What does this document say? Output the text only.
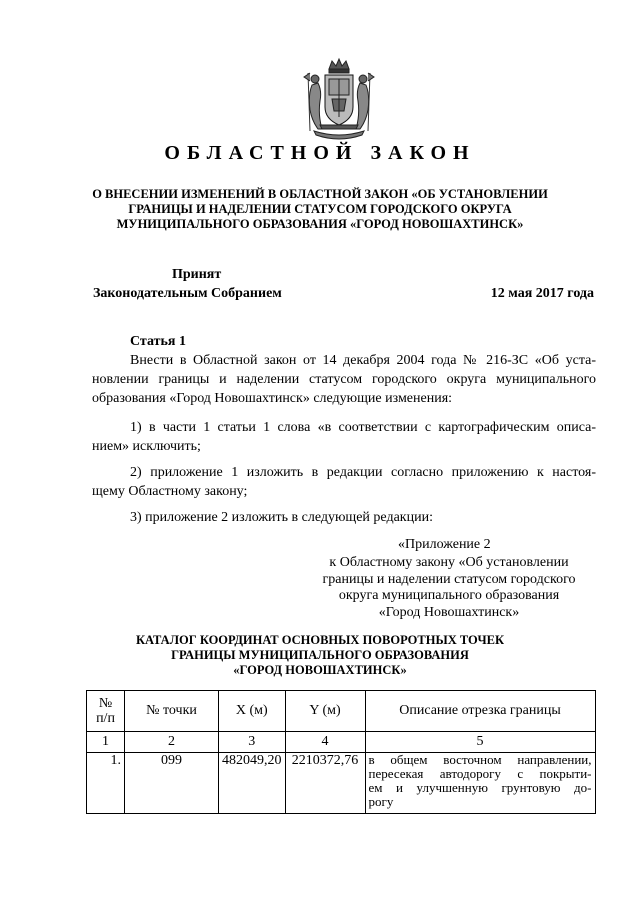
ОБЛАСТНОЙ ЗАКОН
О ВНЕСЕНИИ ИЗМЕНЕНИЙ В ОБЛАСТНОЙ ЗАКОН «ОБ УСТАНОВЛЕНИИ
ГРАНИЦЫ И НАДЕЛЕНИИ СТАТУСОМ ГОРОДСКОГО ОКРУГА
МУНИЦИПАЛЬНОГО ОБРАЗОВАНИЯ «ГОРОД НОВОШАХТИНСК»
Принят
Законодательным Собранием	12 мая 2017 года
Статья 1
Внести в Областной закон от 14 декабря 2004 года № 216-ЗС «Об уста-
новлении границы и наделении статусом городского округа муниципального
образования «Город Новошахтинск» следующие изменения:
1) в части 1 статьи 1 слова «в соответствии с картографическим описа-
нием» исключить;
2) приложение 1 изложить в редакции согласно приложению к настоя-
щему Областному закону;
3) приложение 2 изложить в следующей редакции:
«Приложение 2
к Областному закону «Об установлении
границы и наделении статусом городского
округа муниципального образования
«Город Новошахтинск»
КАТАЛОГ КООРДИНАТ ОСНОВНЫХ ПОВОРОТНЫХ ТОЧЕК
ГРАНИЦЫ МУНИЦИПАЛЬНОГО ОБРАЗОВАНИЯ
«ГОРОД НОВОШАХТИНСК»
№
п/п	№ точки	X (м)	Y (м)	Описание отрезка границы
1	2	3	4	5
1.	099	482049,20	2210372,76	в общем восточном направлении,
пересекая автодорогу с покрыти-
ем и улучшенную грунтовую до-
рогу
